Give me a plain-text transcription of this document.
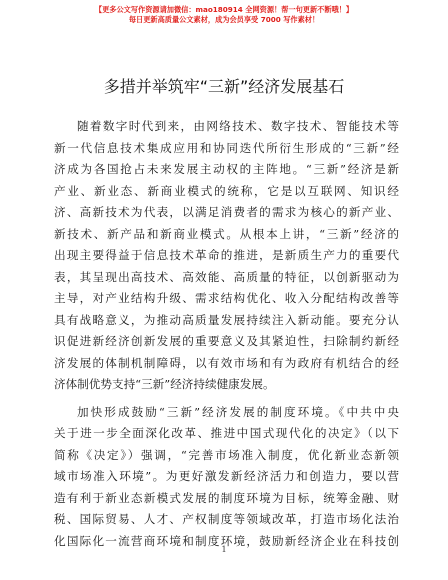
【更多公文写作资源请加微信：mao180914 全网资源！帮一句更新不断哦！】
每日更新高质量公文素材，成为会员享受 7000 写作素材！
多措并举筑牢“三新”经济发展基石
随着数字时代到来，由网络技术、数字技术、智能技术等
新一代信息技术集成应用和协同迭代所衍生形成的“三新”经
济成为各国抢占未来发展主动权的主阵地。“三新”经济是新
产业、新业态、新商业模式的统称，它是以互联网、知识经
济、高新技术为代表，以满足消费者的需求为核心的新产业、
新技术、新产品和新商业模式。从根本上讲，“三新”经济的
出现主要得益于信息技术革命的推进，是新质生产力的重要代
表，其呈现出高技术、高效能、高质量的特征，以创新驱动为
主导，对产业结构升级、需求结构优化、收入分配结构改善等
具有战略意义，为推动高质量发展持续注入新动能。要充分认
识促进新经济创新发展的重要意义及其紧迫性，扫除制约新经
济发展的体制机制障碍，以有效市场和有为政府有机结合的经
济体制优势支持“三新”经济持续健康发展。
加快形成鼓励“三新”经济发展的制度环境。《中共中央
关于进一步全面深化改革、推进中国式现代化的决定》（以下
简称《决定》）强调，“完善市场准入制度，优化新业态新领
域市场准入环境”。为更好激发新经济活力和创造力，要以营
造有利于新业态新模式发展的制度环境为目标，统筹金融、财
税、国际贸易、人才、产权制度等领域改革，打造市场化法治
化国际化一流营商环境和制度环境，鼓励新经济企业在科技创
1
